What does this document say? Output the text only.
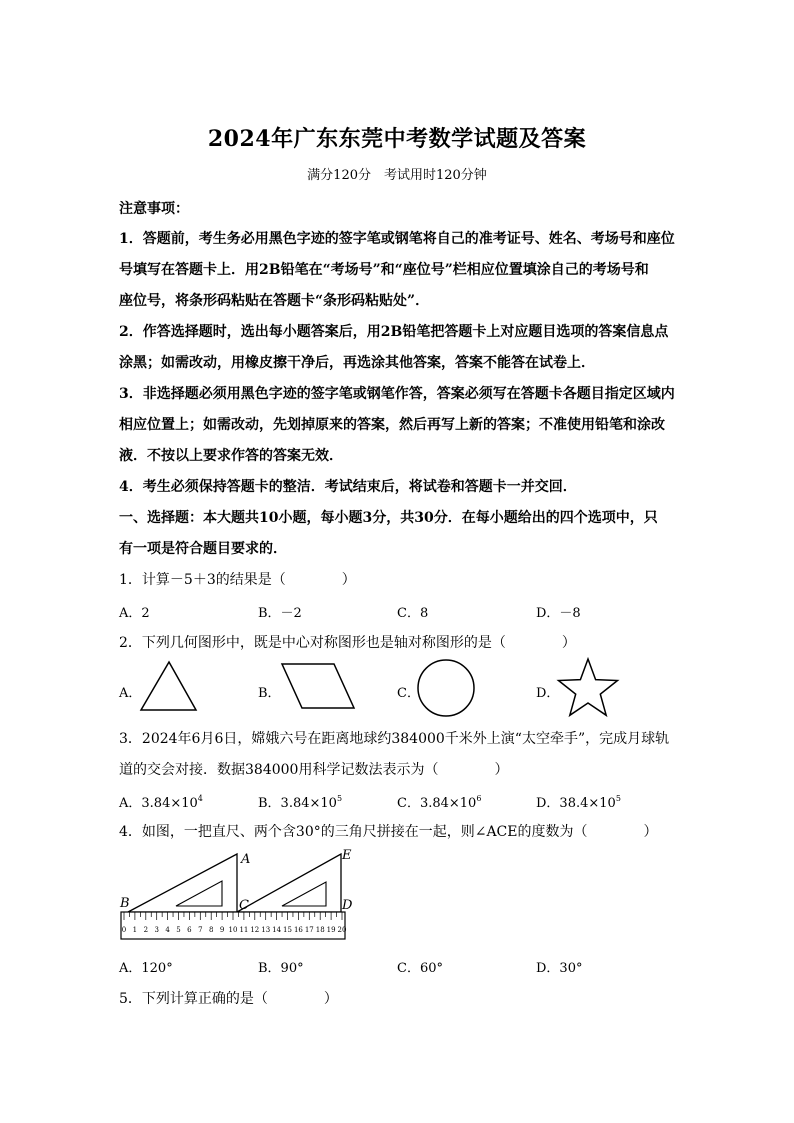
2024年广东东莞中考数学试题及答案
满分120分　考试用时120分钟
注意事项：
1．答题前，考生务必用黑色字迹的签字笔或钢笔将自己的准考证号、姓名、考场号和座位
号填写在答题卡上．用2B铅笔在“考场号”和“座位号”栏相应位置填涂自己的考场号和
座位号，将条形码粘贴在答题卡“条形码粘贴处”．
2．作答选择题时，选出每小题答案后，用2B铅笔把答题卡上对应题目选项的答案信息点
涂黑；如需改动，用橡皮擦干净后，再选涂其他答案，答案不能答在试卷上．
3．非选择题必须用黑色字迹的签字笔或钢笔作答，答案必须写在答题卡各题目指定区域内
相应位置上；如需改动，先划掉原来的答案，然后再写上新的答案；不准使用铅笔和涂改
液．不按以上要求作答的答案无效．
4．考生必须保持答题卡的整洁．考试结束后，将试卷和答题卡一并交回．
一、选择题：本大题共10小题，每小题3分，共30分．在每小题给出的四个选项中，只
有一项是符合题目要求的．
1．计算－5＋3的结果是（　　　　）
A．2	B．－2	C．8	D．－8
2．下列几何图形中，既是中心对称图形也是轴对称图形的是（　　　　）
A．	B．	C．	D．
3．2024年6月6日，嫦娥六号在距离地球约384000千米外上演“太空牵手”，完成月球轨
道的交会对接．数据384000用科学记数法表示为（　　　　）
A．$3.84\times 10^4$	B．$3.84\times 10^5$	C．$3.84\times 10^6$	D．$38.4\times 10^5$
4．如图，一把直尺、两个含30°的三角尺拼接在一起，则∠ACE的度数为（　　　　）
0 1 2 3 4 5 6 7 8 9 10 11 12 13 14 15 16 17 18 19 20
A
B	C	D
E
A．120°	B．90°	C．60°	D．30°
5．下列计算正确的是（　　　　）
